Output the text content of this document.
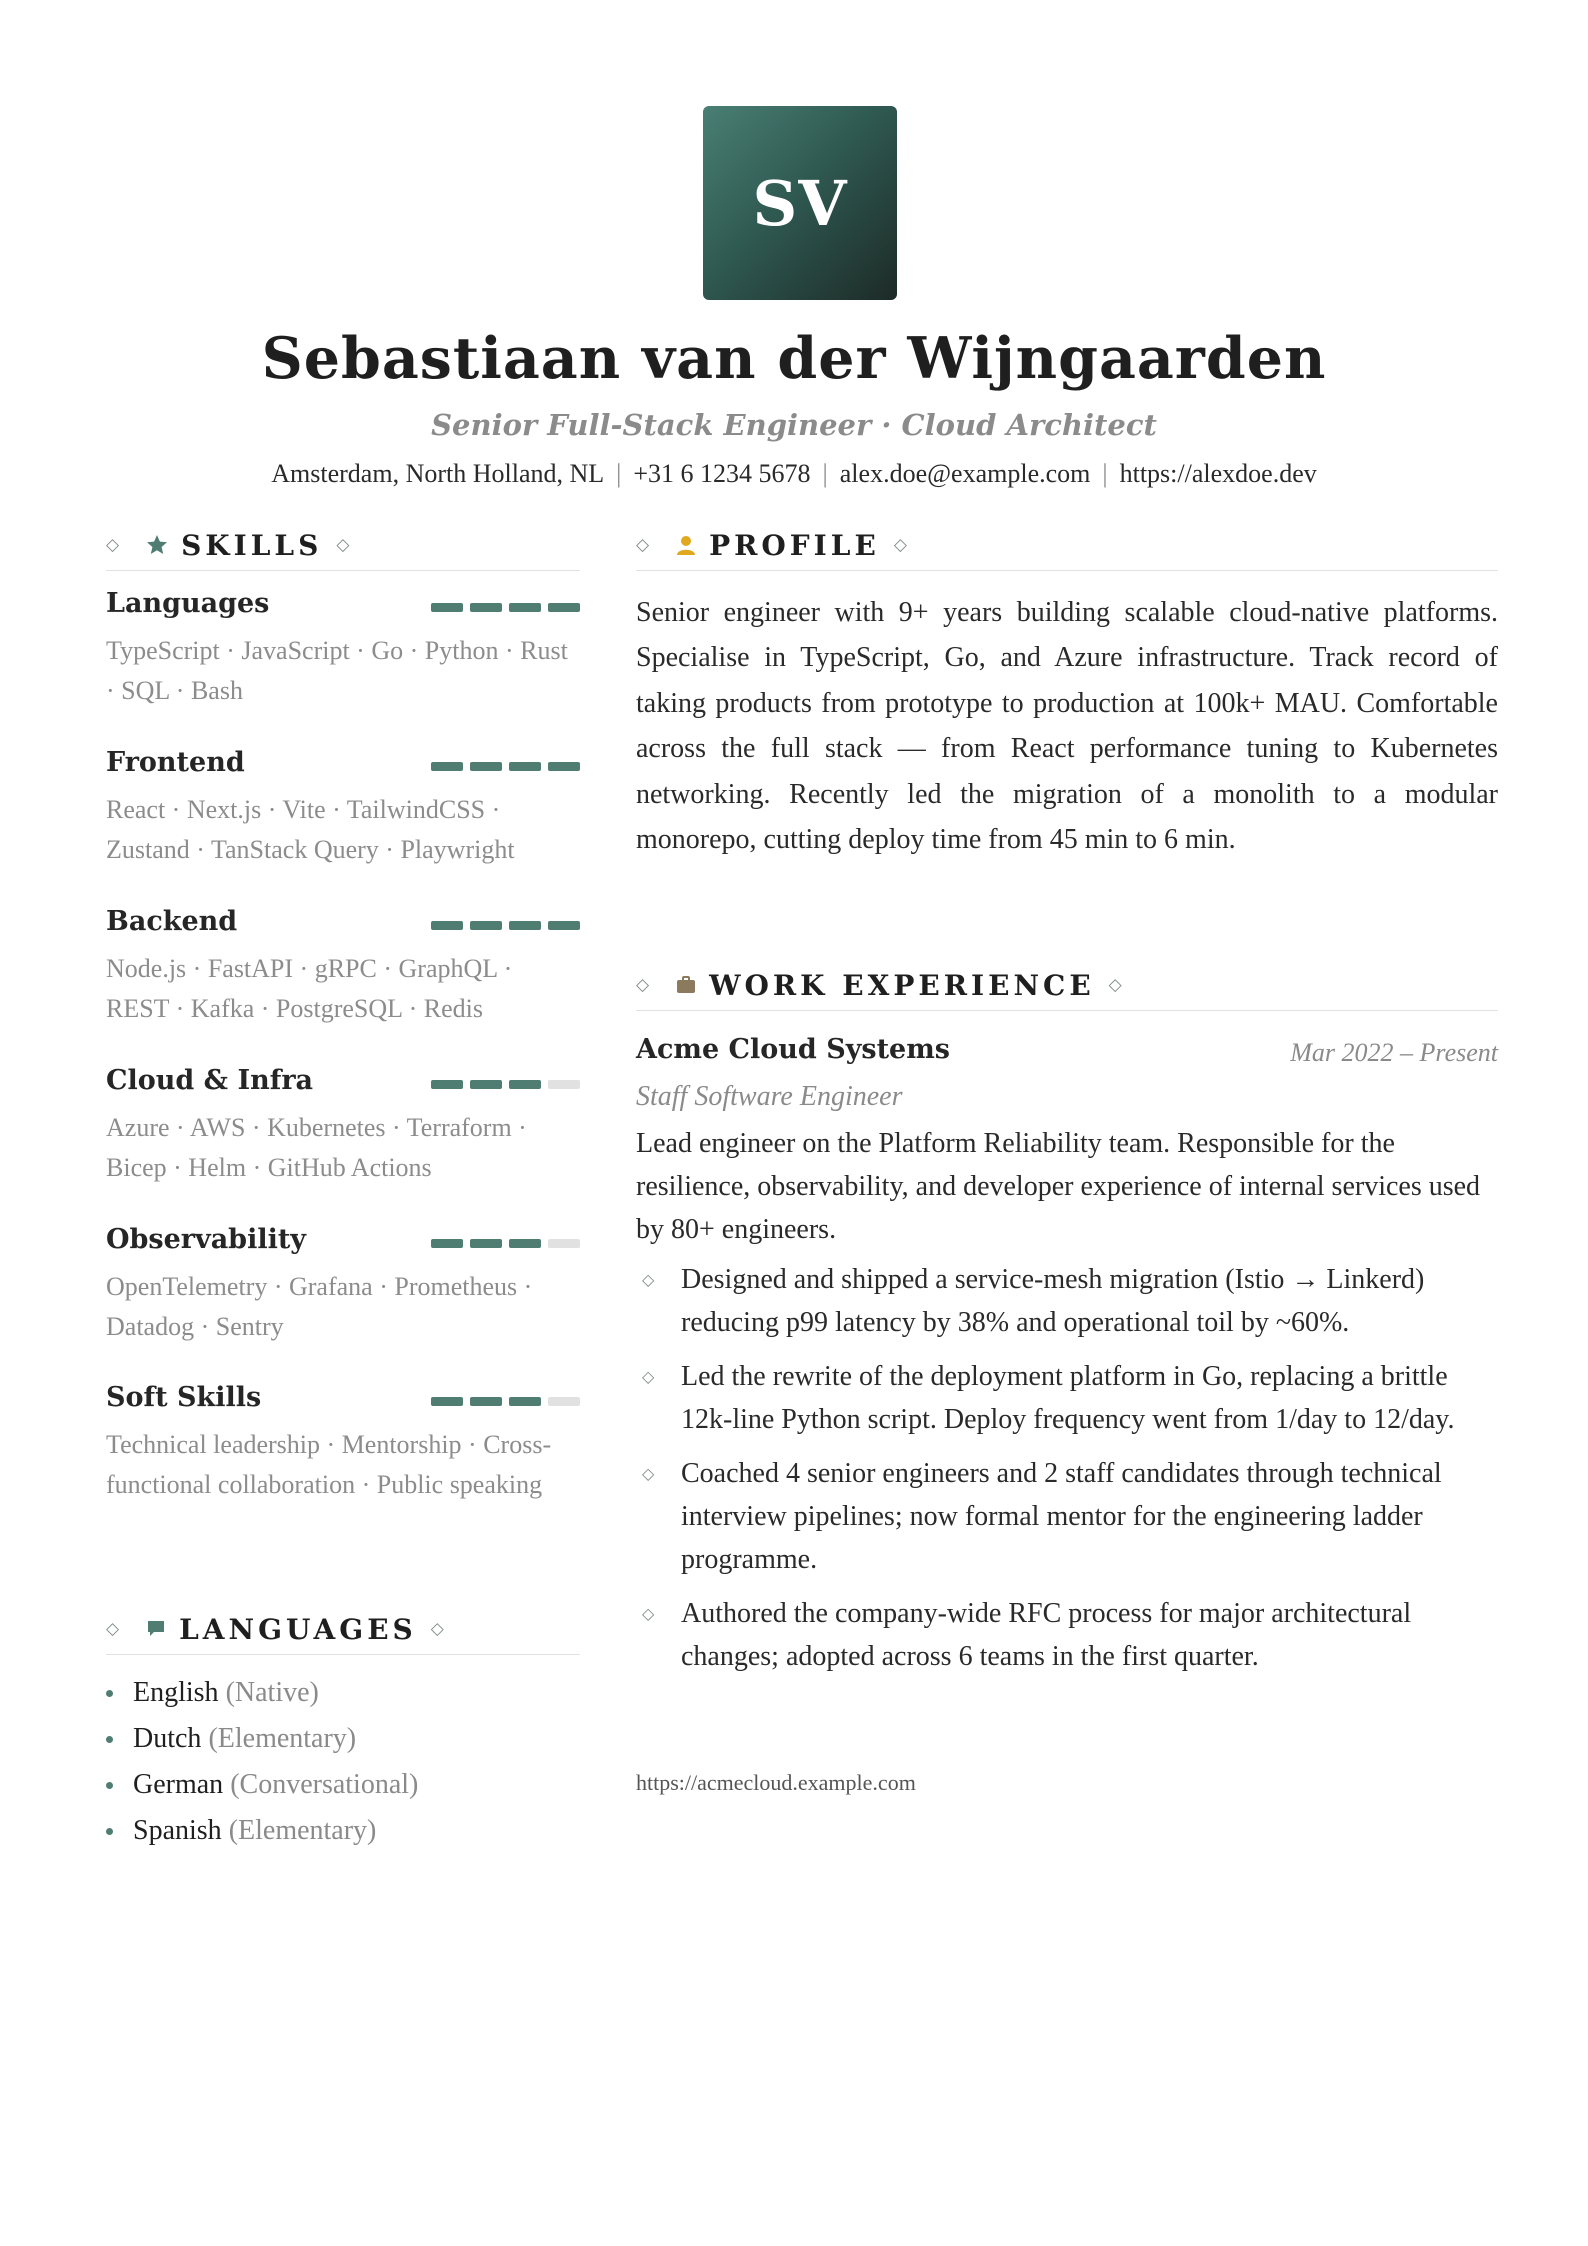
SV
Sebastiaan van der Wijngaarden
Senior Full-Stack Engineer · Cloud Architect
Amsterdam, North Holland, NL | +31 6 1234 5678 | alex.doe@example.com | https://alexdoe.dev
◇ SKILLS ◇
Languages
TypeScript · JavaScript · Go · Python · Rust · SQL · Bash
Frontend
React · Next.js · Vite · TailwindCSS · Zustand · TanStack Query · Playwright
Backend
Node.js · FastAPI · gRPC · GraphQL · REST · Kafka · PostgreSQL · Redis
Cloud & Infra
Azure · AWS · Kubernetes · Terraform · Bicep · Helm · GitHub Actions
Observability
OpenTelemetry · Grafana · Prometheus · Datadog · Sentry
Soft Skills
Technical leadership · Mentorship · Cross-functional collaboration · Public speaking
◇ LANGUAGES ◇
English (Native)
Dutch (Elementary)
German (Conversational)
Spanish (Elementary)
◇ PROFILE ◇
Senior engineer with 9+ years building scalable cloud-native platforms. Specialise in TypeScript, Go, and Azure infrastructure. Track record of taking products from prototype to production at 100k+ MAU. Comfortable across the full stack — from React performance tuning to Kubernetes networking. Recently led the migration of a monolith to a modular monorepo, cutting deploy time from 45 min to 6 min.
◇ WORK EXPERIENCE ◇
Acme Cloud Systems	Mar 2022 – Present
Staff Software Engineer
Lead engineer on the Platform Reliability team. Responsible for the resilience, observability, and developer experience of internal services used by 80+ engineers.
◇ Designed and shipped a service-mesh migration (Istio → Linkerd) reducing p99 latency by 38% and operational toil by ~60%.
◇ Led the rewrite of the deployment platform in Go, replacing a brittle 12k-line Python script. Deploy frequency went from 1/day to 12/day.
◇ Coached 4 senior engineers and 2 staff candidates through technical interview pipelines; now formal mentor for the engineering ladder programme.
◇ Authored the company-wide RFC process for major architectural changes; adopted across 6 teams in the first quarter.
https://acmecloud.example.com
